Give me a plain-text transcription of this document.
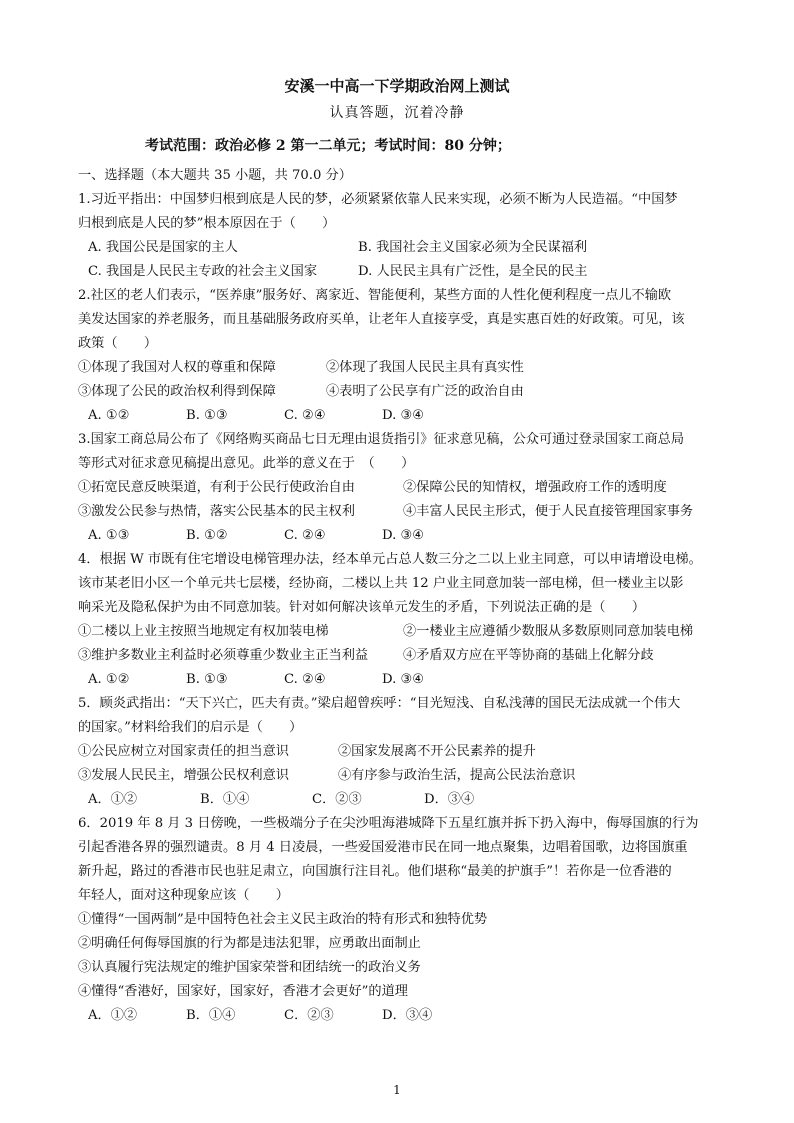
安溪一中高一下学期政治网上测试
认真答题，沉着冷静
考试范围：政治必修 2 第一二单元；考试时间：80 分钟；
一、选择题（本大题共 35 小题，共 70.0 分）
1.习近平指出：中国梦归根到底是人民的梦，必须紧紧依靠人民来实现，必须不断为人民造福。“中国梦
归根到底是人民的梦”根本原因在于（　　）
A. 我国公民是国家的主人	B. 我国社会主义国家必须为全民谋福利
C. 我国是人民民主专政的社会主义国家	D. 人民民主具有广泛性，是全民的民主
2.社区的老人们表示，“医养康”服务好、离家近、智能便利，某些方面的人性化便利程度一点儿不输欧
美发达国家的养老服务，而且基础服务政府买单，让老年人直接享受，真是实惠百姓的好政策。可见，该
政策（　　）
①体现了我国对人权的尊重和保障	②体现了我国人民民主具有真实性
③体现了公民的政治权利得到保障	④表明了公民享有广泛的政治自由
A. ①②	B. ①③	C. ②④	D. ③④
3.国家工商总局公布了《网络购买商品七日无理由退货指引》征求意见稿，公众可通过登录国家工商总局
等形式对征求意见稿提出意见。此举的意义在于　（　　）
①拓宽民意反映渠道，有利于公民行使政治自由	②保障公民的知情权，增强政府工作的透明度
③激发公民参与热情，落实公民基本的民主权利	④丰富人民民主形式，便于人民直接管理国家事务
A. ①③	B. ①②	C. ②④	D. ③④
4．根据 W 市既有住宅增设电梯管理办法，经本单元占总人数三分之二以上业主同意，可以申请增设电梯。
该市某老旧小区一个单元共七层楼，经协商，二楼以上共 12 户业主同意加装一部电梯，但一楼业主以影
响采光及隐私保护为由不同意加装。针对如何解决该单元发生的矛盾，下列说法正确的是（　　）
①二楼以上业主按照当地规定有权加装电梯	②一楼业主应遵循少数服从多数原则同意加装电梯
③维护多数业主利益时必须尊重少数业主正当利益	④矛盾双方应在平等协商的基础上化解分歧
A. ①②	B. ①③	C. ②④	D. ③④
5．顾炎武指出：“天下兴亡，匹夫有责。”梁启超曾疾呼：“目光短浅、自私浅薄的国民无法成就一个伟大
的国家。”材料给我们的启示是（　　）
①公民应树立对国家责任的担当意识	②国家发展离不开公民素养的提升
③发展人民民主，增强公民权利意识	④有序参与政治生活，提高公民法治意识
A．①②	B．①④	C．②③	D．③④
6．2019 年 8 月 3 日傍晚，一些极端分子在尖沙咀海港城降下五星红旗并拆下扔入海中，侮辱国旗的行为
引起香港各界的强烈谴责。8 月 4 日凌晨，一些爱国爱港市民在同一地点聚集，边唱着国歌，边将国旗重
新升起，路过的香港市民也驻足肃立，向国旗行注目礼。他们堪称“最美的护旗手”！若你是一位香港的
年轻人，面对这种现象应该（　　）
①懂得“一国两制”是中国特色社会主义民主政治的特有形式和独特优势
②明确任何侮辱国旗的行为都是违法犯罪，应勇敢出面制止
③认真履行宪法规定的维护国家荣誉和团结统一的政治义务
④懂得“香港好，国家好，国家好，香港才会更好”的道理
A．①②	B．①④	C．②③	D．③④
1
